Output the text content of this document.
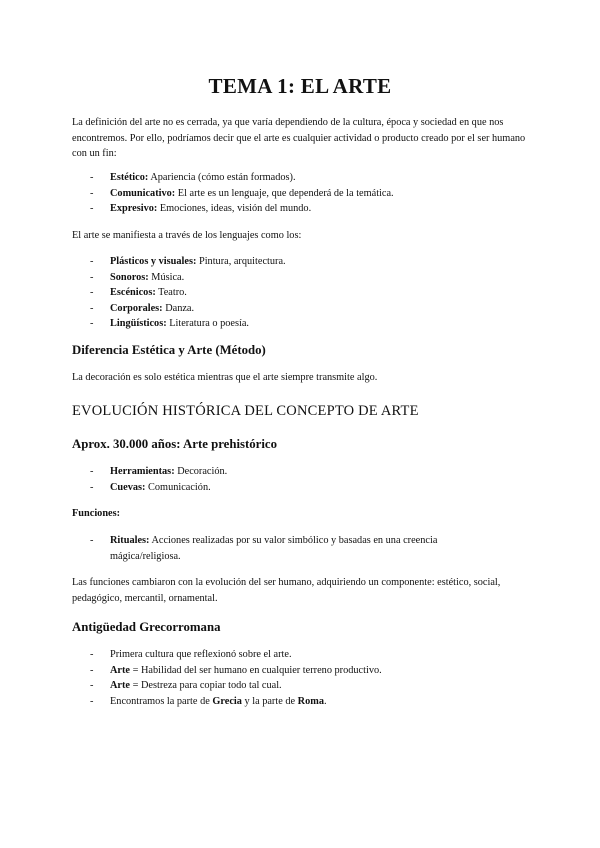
TEMA 1: EL ARTE

La definición del arte no es cerrada, ya que varía dependiendo de la cultura, época y sociedad en que nos encontremos. Por ello, podríamos decir que el arte es cualquier actividad o producto creado por el ser humano con un fin:

- Estético: Apariencia (cómo están formados).
- Comunicativo: El arte es un lenguaje, que dependerá de la temática.
- Expresivo: Emociones, ideas, visión del mundo.

El arte se manifiesta a través de los lenguajes como los:

- Plásticos y visuales: Pintura, arquitectura.
- Sonoros: Música.
- Escénicos: Teatro.
- Corporales: Danza.
- Lingüísticos: Literatura o poesía.
Diferencia Estética y Arte (Método)

La decoración es solo estética mientras que el arte siempre transmite algo.

EVOLUCIÓN HISTÓRICA DEL CONCEPTO DE ARTE
Aprox. 30.000 años: Arte prehistórico
- Herramientas: Decoración.
- Cuevas: Comunicación.
Funciones:
- Rituales: Acciones realizadas por su valor simbólico y basadas en una creencia mágica/religiosa.

Las funciones cambiaron con la evolución del ser humano, adquiriendo un componente: estético, social, pedagógico, mercantil, ornamental.

Antigüedad Grecorromana
- Primera cultura que reflexionó sobre el arte.
- Arte = Habilidad del ser humano en cualquier terreno productivo.
- Arte = Destreza para copiar todo tal cual.
- Encontramos la parte de Grecia y la parte de Roma.
